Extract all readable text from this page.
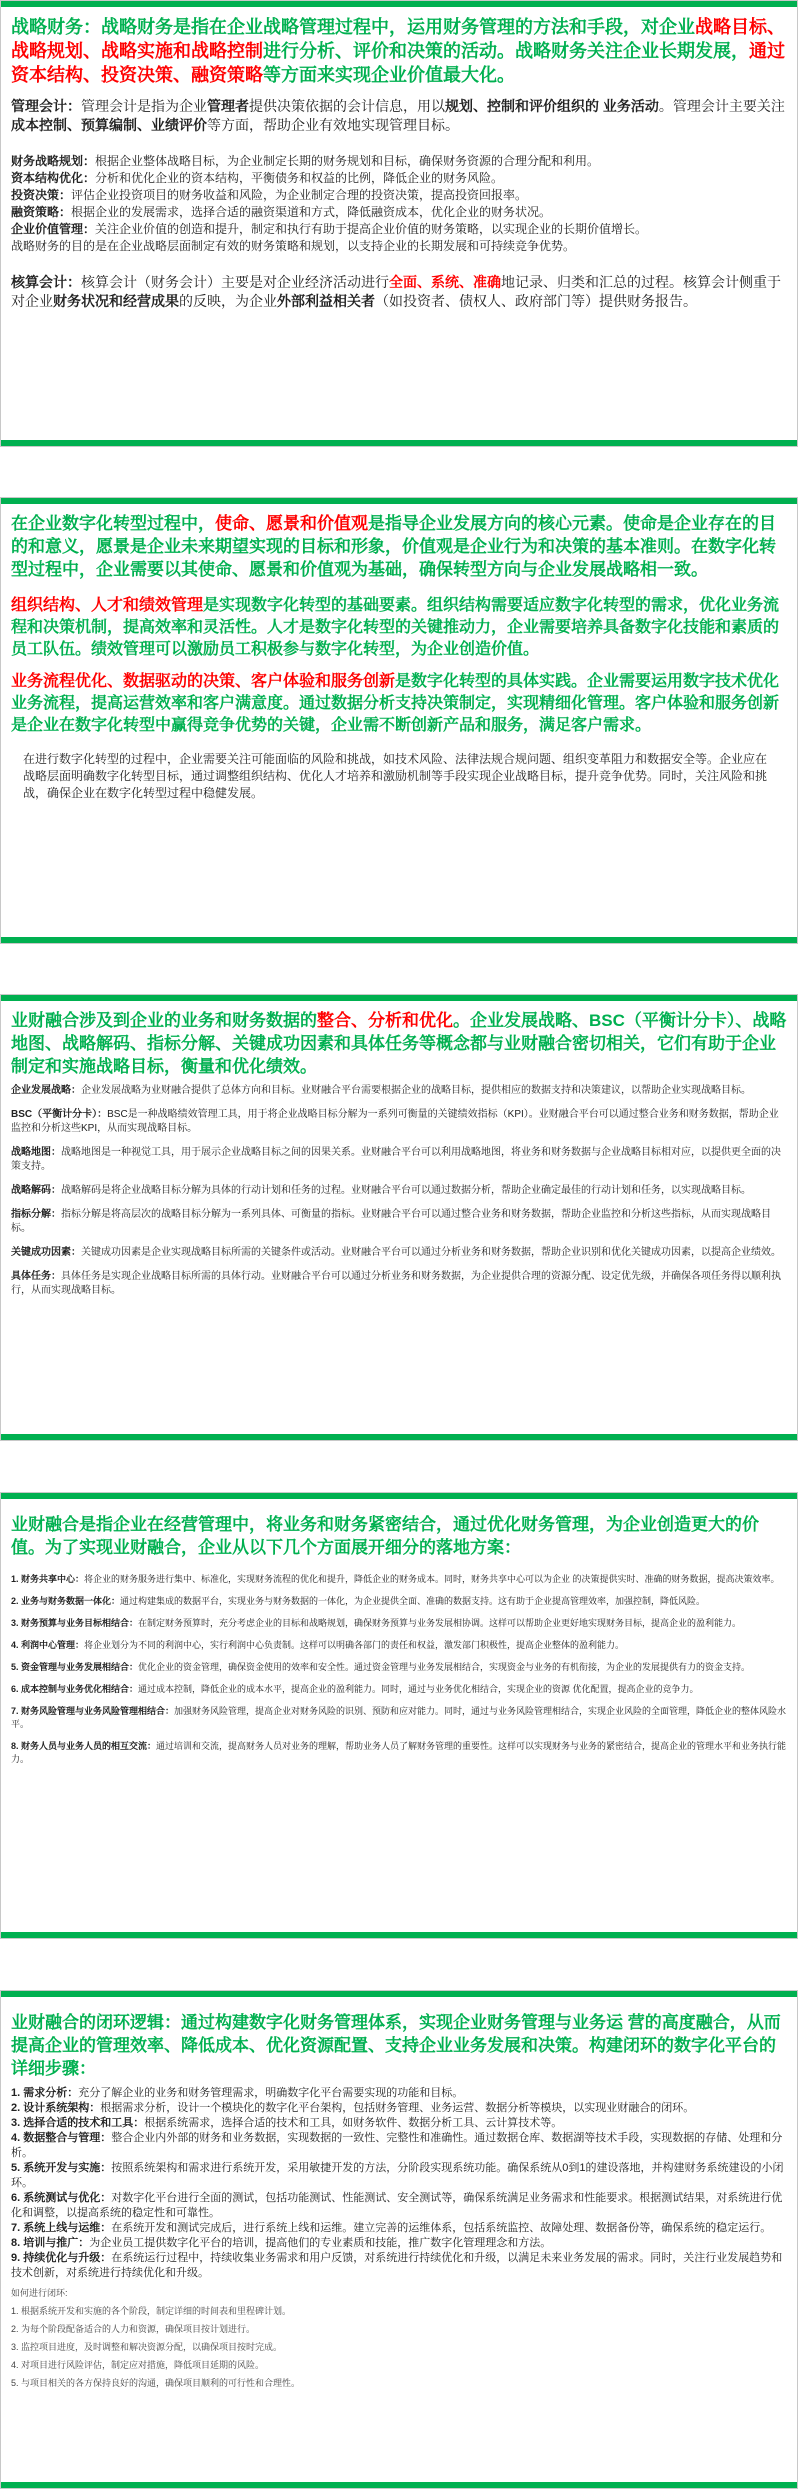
战略财务：战略财务是指在企业战略管理过程中，运用财务管理的方法和手段，对企业战略目标、战略规划、战略实施和战略控制进行分析、评价和决策的活动。战略财务关注企业长期发展，通过资本结构、投资决策、融资策略等方面来实现企业价值最大化。

管理会计：管理会计是指为企业管理者提供决策依据的会计信息，用以规划、控制和评价组织的 业务活动。管理会计主要关注成本控制、预算编制、业绩评价等方面，帮助企业有效地实现管理目标。

财务战略规划：根据企业整体战略目标，为企业制定长期的财务规划和目标，确保财务资源的合理分配和利用。

资本结构优化：分析和优化企业的资本结构，平衡债务和权益的比例，降低企业的财务风险。

投资决策：评估企业投资项目的财务收益和风险，为企业制定合理的投资决策，提高投资回报率。

融资策略：根据企业的发展需求，选择合适的融资渠道和方式，降低融资成本，优化企业的财务状况。

企业价值管理：关注企业价值的创造和提升，制定和执行有助于提高企业价值的财务策略，以实现企业的长期价值增长。

战略财务的目的是在企业战略层面制定有效的财务策略和规划，以支持企业的长期发展和可持续竞争优势。

核算会计：核算会计（财务会计）主要是对企业经济活动进行全面、系统、准确地记录、归类和汇总的过程。核算会计侧重于对企业财务状况和经营成果的反映，为企业外部利益相关者（如投资者、债权人、政府部门等）提供财务报告。

在企业数字化转型过程中，使命、愿景和价值观是指导企业发展方向的核心元素。使命是企业存在的目的和意义，愿景是企业未来期望实现的目标和形象，价值观是企业行为和决策的基本准则。在数字化转型过程中，企业需要以其使命、愿景和价值观为基础，确保转型方向与企业发展战略相一致。

组织结构、人才和绩效管理是实现数字化转型的基础要素。组织结构需要适应数字化转型的需求，优化业务流程和决策机制，提高效率和灵活性。人才是数字化转型的关键推动力，企业需要培养具备数字化技能和素质的员工队伍。绩效管理可以激励员工积极参与数字化转型，为企业创造价值。

业务流程优化、数据驱动的决策、客户体验和服务创新是数字化转型的具体实践。企业需要运用数字技术优化业务流程，提高运营效率和客户满意度。通过数据分析支持决策制定，实现精细化管理。客户体验和服务创新是企业在数字化转型中赢得竞争优势的关键，企业需不断创新产品和服务，满足客户需求。

在进行数字化转型的过程中，企业需要关注可能面临的风险和挑战，如技术风险、法律法规合规问题、组织变革阻力和数据安全等。企业应在战略层面明确数字化转型目标，通过调整组织结构、优化人才培养和激励机制等手段实现企业战略目标，提升竞争优势。同时，关注风险和挑战，确保企业在数字化转型过程中稳健发展。

业财融合涉及到企业的业务和财务数据的整合、分析和优化。企业发展战略、BSC（平衡计分卡）、战略地图、战略解码、指标分解、关键成功因素和具体任务等概念都与业财融合密切相关，它们有助于企业制定和实施战略目标，衡量和优化绩效。

企业发展战略：企业发展战略为业财融合提供了总体方向和目标。业财融合平台需要根据企业的战略目标，提供相应的数据支持和决策建议，以帮助企业实现战略目标。

BSC（平衡计分卡）：BSC是一种战略绩效管理工具，用于将企业战略目标分解为一系列可衡量的关键绩效指标（KPI）。业财融合平台可以通过整合业务和财务数据，帮助企业监控和分析这些KPI，从而实现战略目标。

战略地图：战略地图是一种视觉工具，用于展示企业战略目标之间的因果关系。业财融合平台可以利用战略地图，将业务和财务数据与企业战略目标相对应，以提供更全面的决策支持。

战略解码：战略解码是将企业战略目标分解为具体的行动计划和任务的过程。业财融合平台可以通过数据分析，帮助企业确定最佳的行动计划和任务，以实现战略目标。

指标分解：指标分解是将高层次的战略目标分解为一系列具体、可衡量的指标。业财融合平台可以通过整合业务和财务数据，帮助企业监控和分析这些指标，从而实现战略目标。

关键成功因素：关键成功因素是企业实现战略目标所需的关键条件或活动。业财融合平台可以通过分析业务和财务数据，帮助企业识别和优化关键成功因素，以提高企业绩效。

具体任务：具体任务是实现企业战略目标所需的具体行动。业财融合平台可以通过分析业务和财务数据，为企业提供合理的资源分配、设定优先级，并确保各项任务得以顺利执行，从而实现战略目标。

业财融合是指企业在经营管理中，将业务和财务紧密结合，通过优化财务管理，为企业创造更大的价值。为了实现业财融合，企业从以下几个方面展开细分的落地方案：

1. 财务共享中心：将企业的财务服务进行集中、标准化，实现财务流程的优化和提升，降低企业的财务成本。同时，财务共享中心可以为企业 的决策提供实时、准确的财务数据，提高决策效率。

2. 业务与财务数据一体化：通过构建集成的数据平台，实现业务与财务数据的一体化，为企业提供全面、准确的数据支持。这有助于企业提高管理效率，加强控制，降低风险。

3. 财务预算与业务目标相结合：在制定财务预算时，充分考虑企业的目标和战略规划，确保财务预算与业务发展相协调。这样可以帮助企业更好地实现财务目标，提高企业的盈利能力。

4. 利润中心管理：将企业划分为不同的利润中心，实行利润中心负责制。这样可以明确各部门的责任和权益，激发部门积极性，提高企业整体的盈利能力。

5. 资金管理与业务发展相结合：优化企业的资金管理，确保资金使用的效率和安全性。通过资金管理与业务发展相结合，实现资金与业务的有机衔接，为企业的发展提供有力的资金支持。

6. 成本控制与业务优化相结合：通过成本控制，降低企业的成本水平，提高企业的盈利能力。同时，通过与业务优化相结合，实现企业的资源 优化配置，提高企业的竞争力。

7. 财务风险管理与业务风险管理相结合：加强财务风险管理，提高企业对财务风险的识别、预防和应对能力。同时，通过与业务风险管理相结合，实现企业风险的全面管理，降低企业的整体风险水平。

8. 财务人员与业务人员的相互交流：通过培训和交流，提高财务人员对业务的理解，帮助业务人员了解财务管理的重要性。这样可以实现财务与业务的紧密结合，提高企业的管理水平和业务执行能力。

业财融合的闭环逻辑：通过构建数字化财务管理体系，实现企业财务管理与业务运 营的高度融合，从而提高企业的管理效率、降低成本、优化资源配置、支持企业业务发展和决策。构建闭环的数字化平台的详细步骤：

1. 需求分析：充分了解企业的业务和财务管理需求，明确数字化平台需要实现的功能和目标。

2. 设计系统架构：根据需求分析，设计一个模块化的数字化平台架构，包括财务管理、业务运营、数据分析等模块，以实现业财融合的闭环。

3. 选择合适的技术和工具：根据系统需求，选择合适的技术和工具，如财务软件、数据分析工具、云计算技术等。

4. 数据整合与管理：整合企业内外部的财务和业务数据，实现数据的一致性、完整性和准确性。通过数据仓库、数据湖等技术手段，实现数据的存储、处理和分析。

5. 系统开发与实施：按照系统架构和需求进行系统开发，采用敏捷开发的方法，分阶段实现系统功能。确保系统从0到1的建设落地，并构建财务系统建设的小闭环。

6. 系统测试与优化：对数字化平台进行全面的测试，包括功能测试、性能测试、安全测试等，确保系统满足业务需求和性能要求。根据测试结果，对系统进行优化和调整，以提高系统的稳定性和可靠性。

7. 系统上线与运维：在系统开发和测试完成后，进行系统上线和运维。建立完善的运维体系，包括系统监控、故障处理、数据备份等，确保系统的稳定运行。

8. 培训与推广：为企业员工提供数字化平台的培训，提高他们的专业素质和技能，推广数字化管理理念和方法。

9. 持续优化与升级：在系统运行过程中，持续收集业务需求和用户反馈，对系统进行持续优化和升级，以满足未来业务发展的需求。同时，关注行业发展趋势和技术创新，对系统进行持续优化和升级。

如何进行闭环:

1. 根据系统开发和实施的各个阶段，制定详细的时间表和里程碑计划。

2. 为每个阶段配备适合的人力和资源，确保项目按计划进行。

3. 监控项目进度，及时调整和解决资源分配，以确保项目按时完成。

4. 对项目进行风险评估，制定应对措施，降低项目延期的风险。

5. 与项目相关的各方保持良好的沟通，确保项目顺利的可行性和合理性。
